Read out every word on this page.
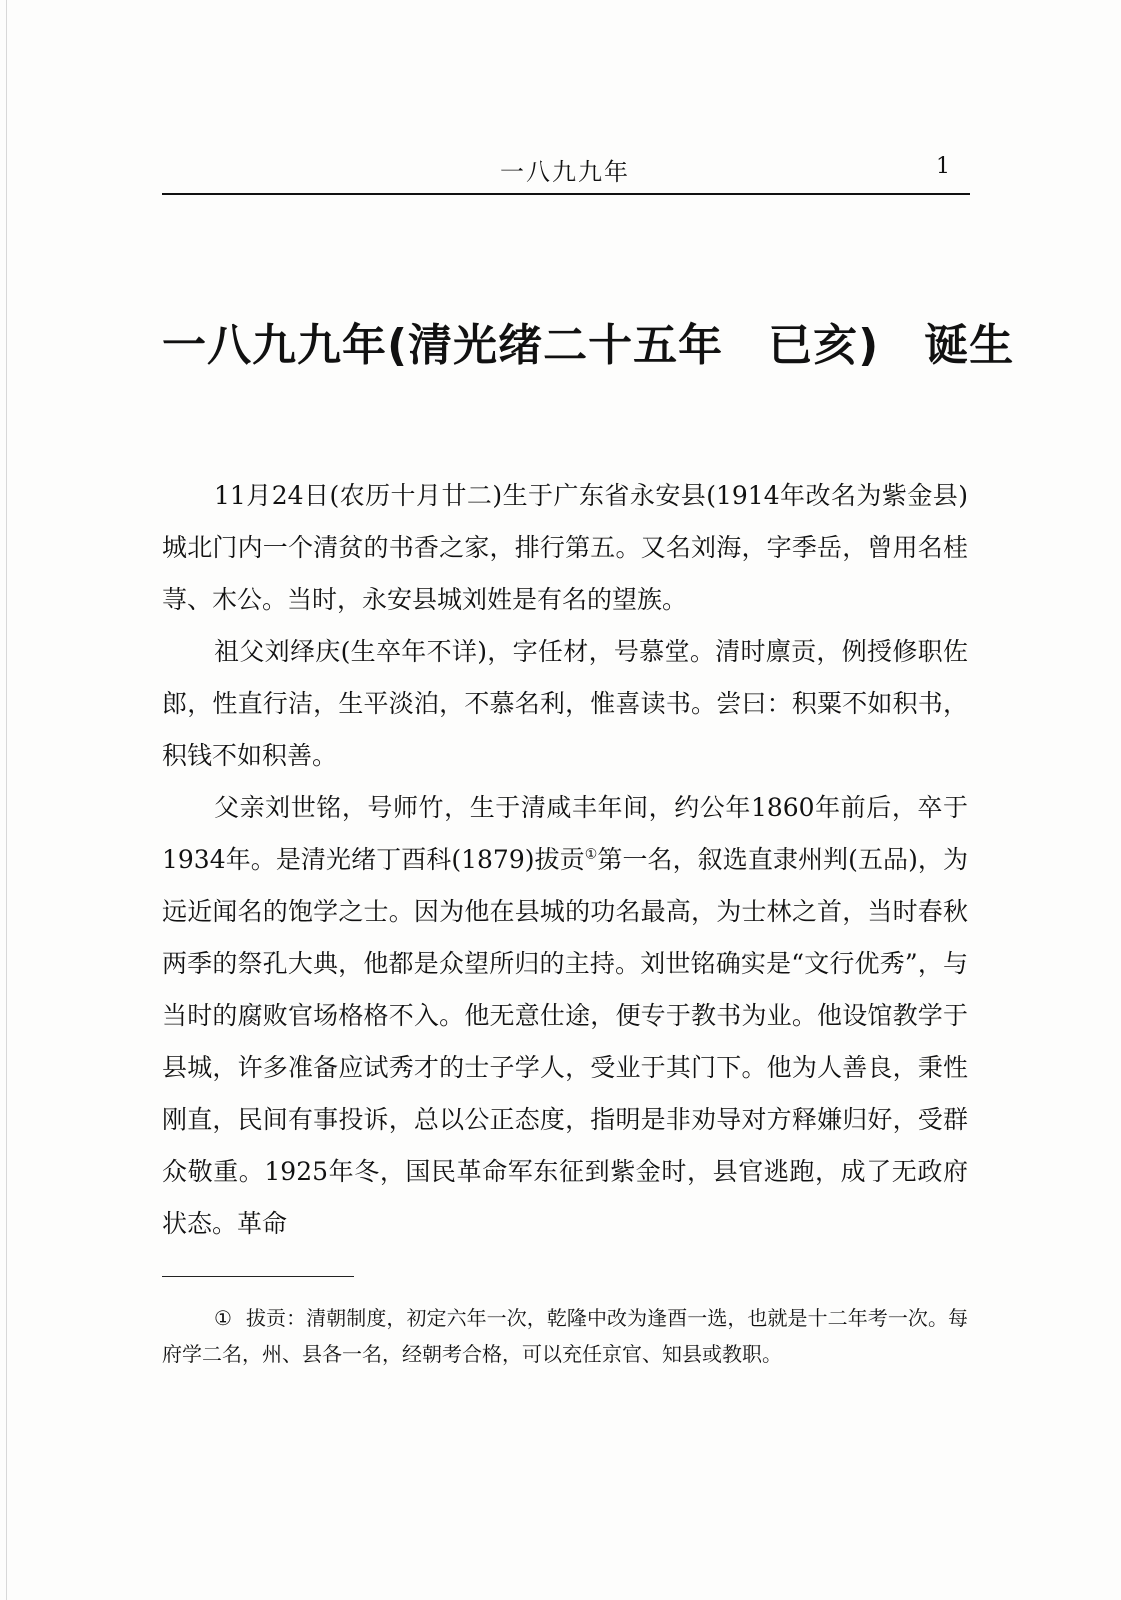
一八九九年	1
一八九九年(清光绪二十五年　已亥)　诞生

11月24日(农历十月廿二)生于广东省永安县(1914年改名为紫金县)城北门内一个清贫的书香之家，排行第五。又名刘海，字季岳，曾用名桂荨、木公。当时，永安县城刘姓是有名的望族。

祖父刘绎庆(生卒年不详)，字任材，号慕堂。清时廪贡，例授修职佐郎，性直行洁，生平淡泊，不慕名利，惟喜读书。尝曰：积粟不如积书，积钱不如积善。

父亲刘世铭，号师竹，生于清咸丰年间，约公年1860年前后，卒于1934年。是清光绪丁酉科(1879)拔贡①第一名，叙选直隶州判(五品)，为远近闻名的饱学之士。因为他在县城的功名最高，为士林之首，当时春秋两季的祭孔大典，他都是众望所归的主持。刘世铭确实是“文行优秀”，与当时的腐败官场格格不入。他无意仕途，便专于教书为业。他设馆教学于县城，许多准备应试秀才的士子学人，受业于其门下。他为人善良，秉性刚直，民间有事投诉，总以公正态度，指明是非劝导对方释嫌归好，受群众敬重。1925年冬，国民革命军东征到紫金时，县官逃跑，成了无政府状态。革命

① 拔贡：清朝制度，初定六年一次，乾隆中改为逢酉一选，也就是十二年考一次。每府学二名，州、县各一名，经朝考合格，可以充任京官、知县或教职。
